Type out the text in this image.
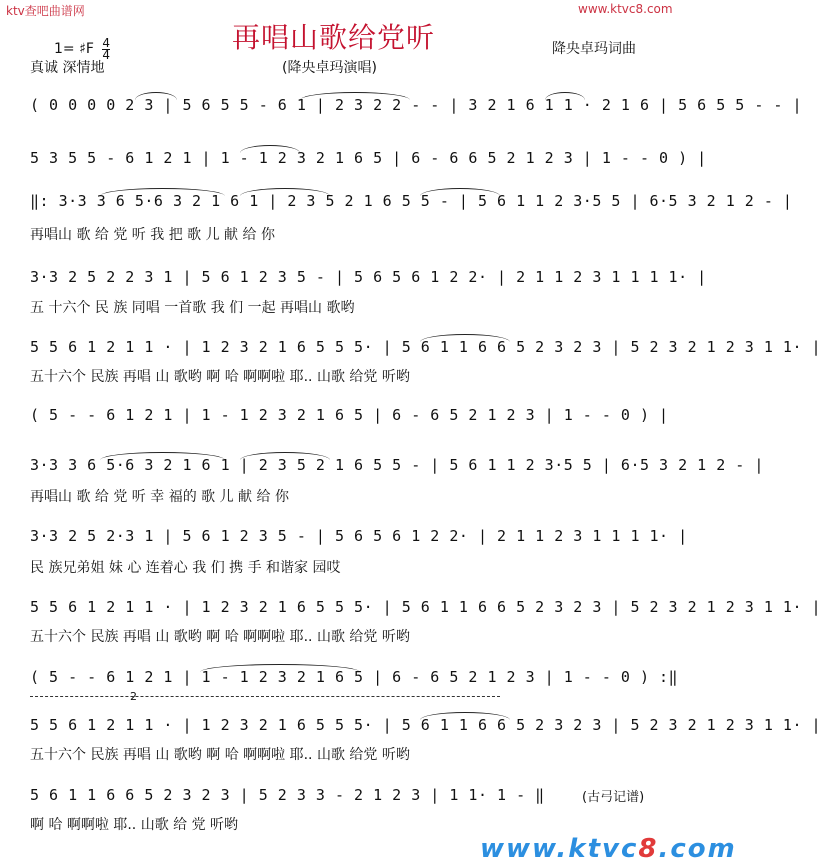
ktv查吧曲谱网	www.ktvc8.com
再唱山歌给党听
1= ♯F $\frac{4}{4}$	降央卓玛词曲
真诚 深情地	(降央卓玛演唱)
( 0 0 0 0 2 3 | 5 6 5 5 - 6 1 | 2 3 2 2 - - | 3 2 1 6 1 1 · 2 1 6 | 5 6 5 5 - - |
5 3 5 5 - 6 1 2 1 | 1 - 1 2 3 2 1 6 5 | 6 - 6 6 5 2 1 2 3 | 1 - - 0 ) |
‖: 3·3 3 6 5·6 3 2 1 6 1 | 2 3 5 2 1 6 5 5 - | 5 6 1 1 2 3·5 5 | 6·5 3 2 1 2 - |
再唱山 歌 给 党 听 我 把 歌 儿 献 给 你
3·3 2 5 2 2 3 1 | 5 6 1 2 3 5 - | 5 6 5 6 1 2 2· | 2 1 1 2 3 1 1 1 1· |
五 十六个 民 族 同唱 一首歌 我 们 一起 再唱山 歌哟
5 5 6 1 2 1 1 · | 1 2 3 2 1 6 5 5 5· | 5 6 1 1 6 6 5 2 3 2 3 | 5 2 3 2 1 2 3 1 1· |
五十六个 民族 再唱 山 歌哟 啊 哈 啊啊啦 耶.. 山歌 给党 听哟
( 5 - - 6 1 2 1 | 1 - 1 2 3 2 1 6 5 | 6 - 6 5 2 1 2 3 | 1 - - 0 ) |
3·3 3 6 5·6 3 2 1 6 1 | 2 3 5 2 1 6 5 5 - | 5 6 1 1 2 3·5 5 | 6·5 3 2 1 2 - |
再唱山 歌 给 党 听 幸 福的 歌 儿 献 给 你
3·3 2 5 2·3 1 | 5 6 1 2 3 5 - | 5 6 5 6 1 2 2· | 2 1 1 2 3 1 1 1 1· |
民 族兄弟姐 妹 心 连着心 我 们 携 手 和谐家 园哎
5 5 6 1 2 1 1 · | 1 2 3 2 1 6 5 5 5· | 5 6 1 1 6 6 5 2 3 2 3 | 5 2 3 2 1 2 3 1 1· |
五十六个 民族 再唱 山 歌哟 啊 哈 啊啊啦 耶.. 山歌 给党 听哟
( 5 - - 6 1 2 1 | 1 - 1 2 3 2 1 6 5 | 6 - 6 5 2 1 2 3 | 1 - - 0 ) :‖
2
5 5 6 1 2 1 1 · | 1 2 3 2 1 6 5 5 5· | 5 6 1 1 6 6 5 2 3 2 3 | 5 2 3 2 1 2 3 1 1· |
五十六个 民族 再唱 山 歌哟 啊 哈 啊啊啦 耶.. 山歌 给党 听哟
5 6 1 1 6 6 5 2 3 2 3 | 5 2 3 3 - 2 1 2 3 | 1 1· 1 - ‖
啊 哈 啊啊啦 耶.. 山歌 给 党 听哟
(古弓记谱)
www.ktvc8.com
